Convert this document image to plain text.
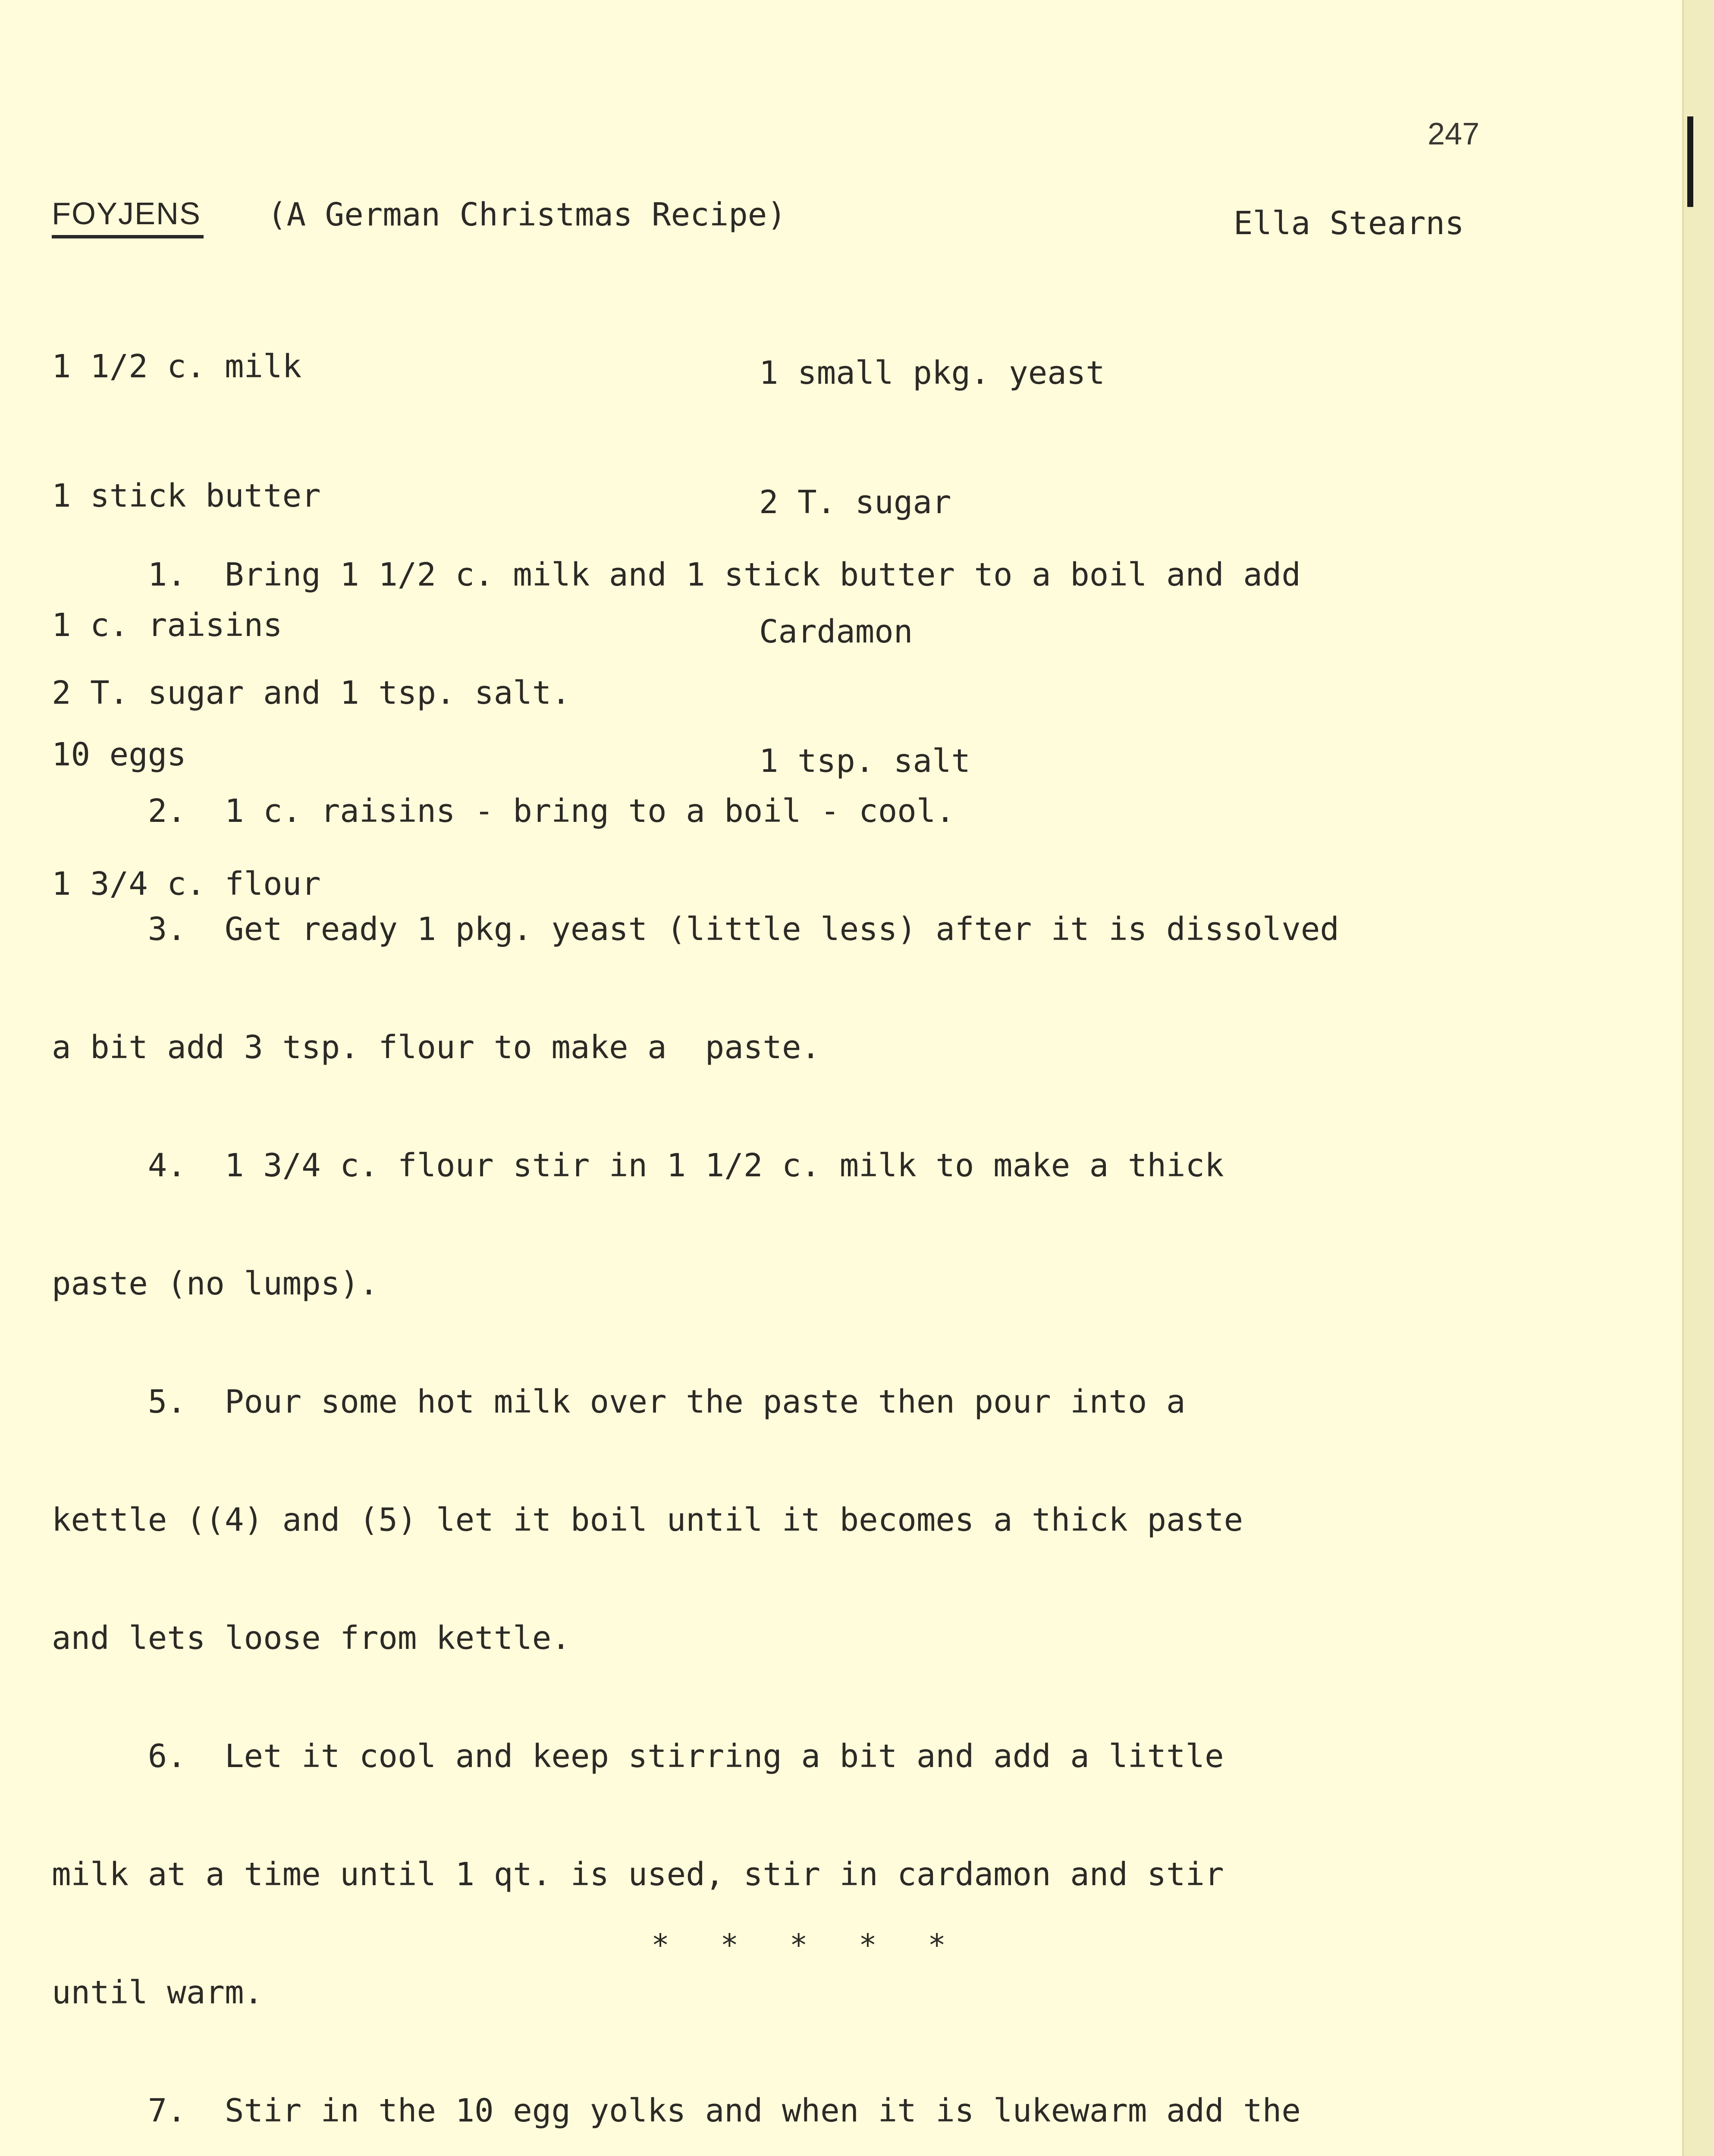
247
FOYJENS (A German Christmas Recipe)	Ella Stearns

1 1/2 c. milk

1 stick butter

1 c. raisins

10 eggs

1 3/4 c. flour

1 small pkg. yeast

2 T. sugar

Cardamon

1 tsp. salt

1.  Bring 1 1/2 c. milk and 1 stick butter to a boil and add

2 T. sugar and 1 tsp. salt.

2.  1 c. raisins - bring to a boil - cool.

3.  Get ready 1 pkg. yeast (little less) after it is dissolved

a bit add 3 tsp. flour to make a  paste.

4.  1 3/4 c. flour stir in 1 1/2 c. milk to make a thick

paste (no lumps).

5.  Pour some hot milk over the paste then pour into a

kettle ((4) and (5) let it boil until it becomes a thick paste

and lets loose from kettle.

6.  Let it cool and keep stirring a bit and add a little

milk at a time until 1 qt. is used, stir in cardamon and stir

until warm.

7.  Stir in the 10 egg yolks and when it is lukewarm add the

* * * * *
